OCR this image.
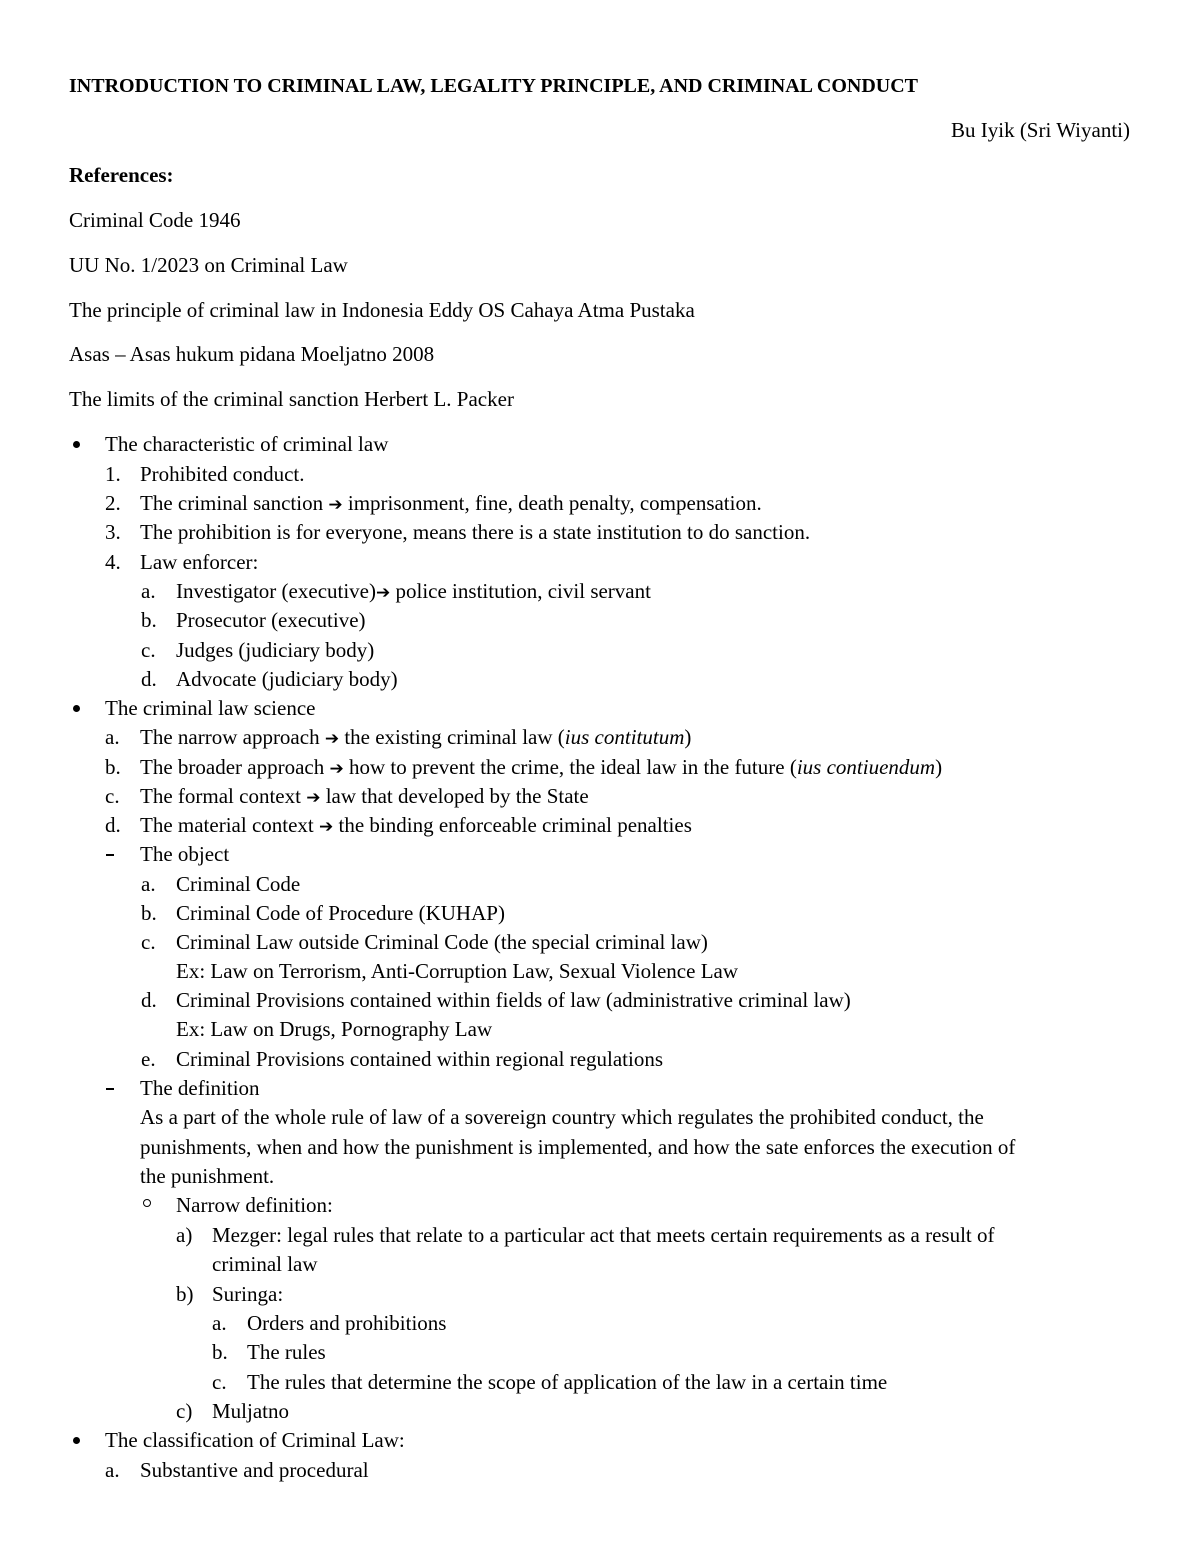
INTRODUCTION TO CRIMINAL LAW, LEGALITY PRINCIPLE, AND CRIMINAL CONDUCT
Bu Iyik (Sri Wiyanti)
References:
Criminal Code 1946
UU No. 1/2023 on Criminal Law
The principle of criminal law in Indonesia Eddy OS Cahaya Atma Pustaka
Asas – Asas hukum pidana Moeljatno 2008
The limits of the criminal sanction Herbert L. Packer
The characteristic of criminal law
1. Prohibited conduct.
2. The criminal sanction ➔ imprisonment, fine, death penalty, compensation.
3. The prohibition is for everyone, means there is a state institution to do sanction.
4. Law enforcer:
a. Investigator (executive)➔ police institution, civil servant
b. Prosecutor (executive)
c. Judges (judiciary body)
d. Advocate (judiciary body)
The criminal law science
a. The narrow approach ➔ the existing criminal law (ius contitutum)
b. The broader approach ➔ how to prevent the crime, the ideal law in the future (ius contiuendum)
c. The formal context ➔ law that developed by the State
d. The material context ➔ the binding enforceable criminal penalties
The object
a. Criminal Code
b. Criminal Code of Procedure (KUHAP)
c. Criminal Law outside Criminal Code (the special criminal law)
Ex: Law on Terrorism, Anti-Corruption Law, Sexual Violence Law
d. Criminal Provisions contained within fields of law (administrative criminal law)
Ex: Law on Drugs, Pornography Law
e. Criminal Provisions contained within regional regulations
The definition
As a part of the whole rule of law of a sovereign country which regulates the prohibited conduct, the
punishments, when and how the punishment is implemented, and how the sate enforces the execution of
the punishment.
Narrow definition:
a) Mezger: legal rules that relate to a particular act that meets certain requirements as a result of
criminal law
b) Suringa:
a. Orders and prohibitions
b. The rules
c. The rules that determine the scope of application of the law in a certain time
c) Muljatno
The classification of Criminal Law:
a. Substantive and procedural
